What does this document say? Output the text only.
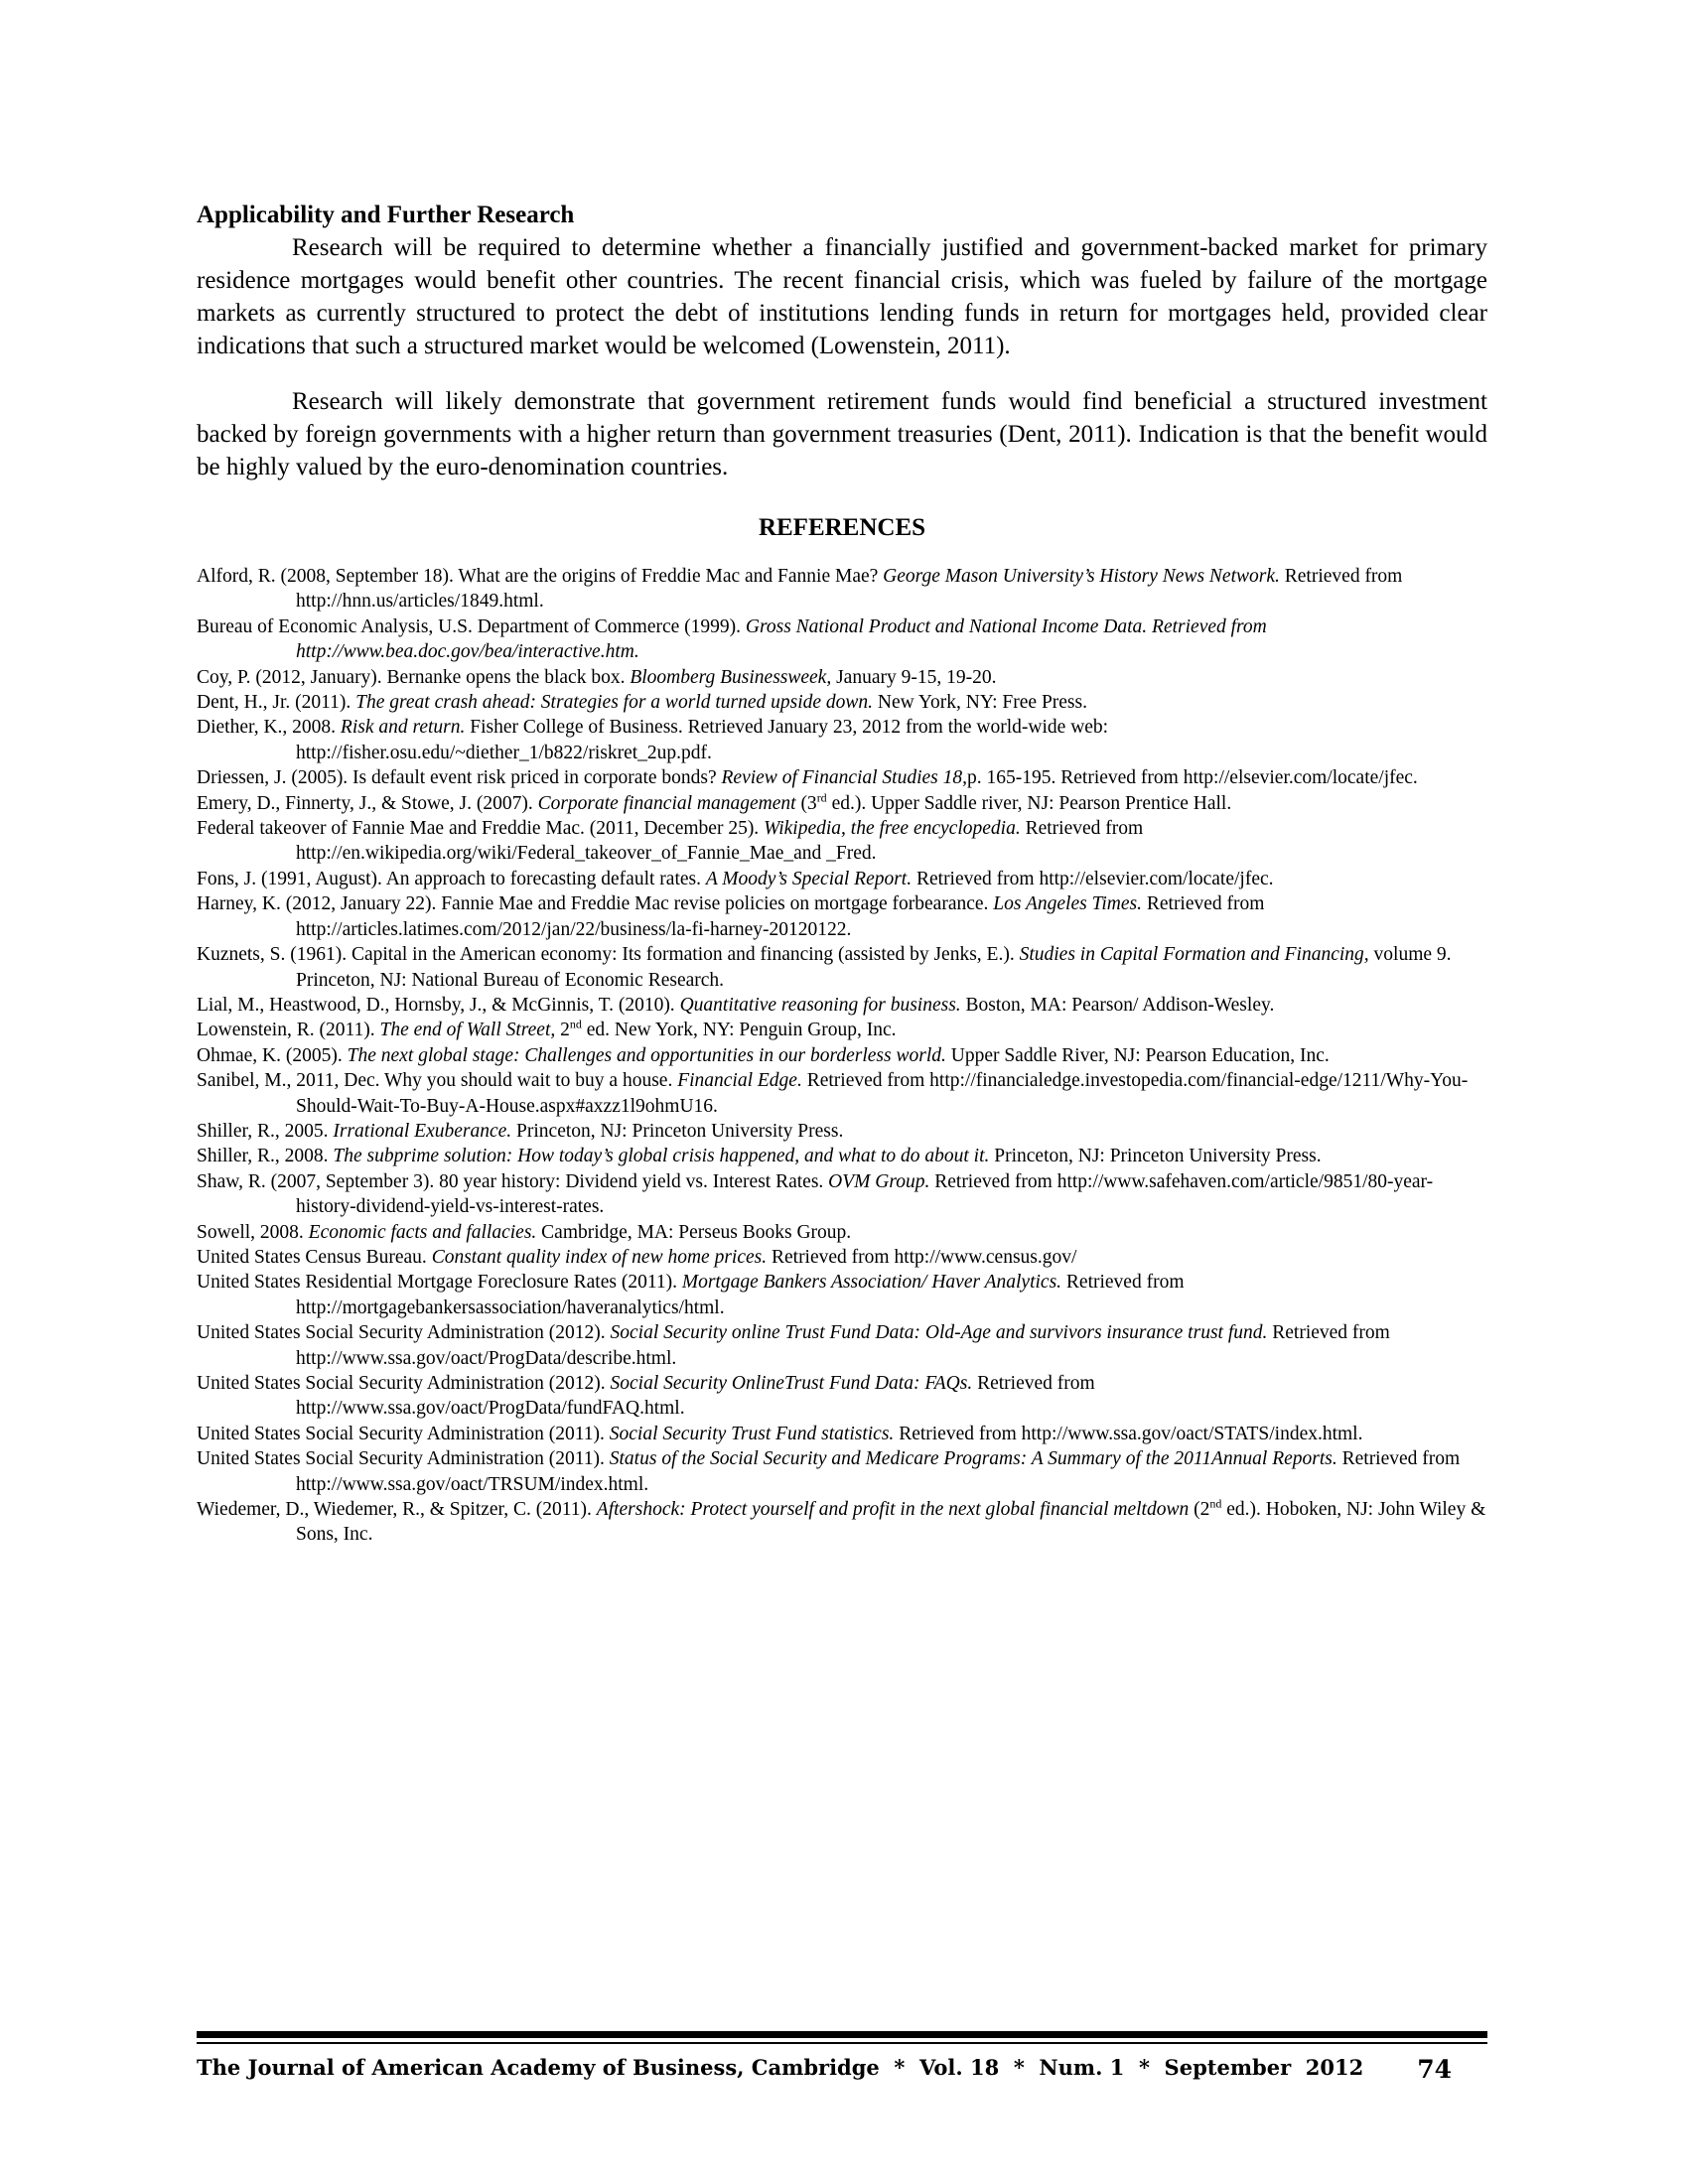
Applicability and Further Research

Research will be required to determine whether a financially justified and government-backed market for primary residence mortgages would benefit other countries. The recent financial crisis, which was fueled by failure of the mortgage markets as currently structured to protect the debt of institutions lending funds in return for mortgages held, provided clear indications that such a structured market would be welcomed (Lowenstein, 2011).

Research will likely demonstrate that government retirement funds would find beneficial a structured investment backed by foreign governments with a higher return than government treasuries (Dent, 2011). Indication is that the benefit would be highly valued by the euro-denomination countries.

REFERENCES

Alford, R. (2008, September 18). What are the origins of Freddie Mac and Fannie Mae? George Mason University’s History News Network. Retrieved from http://hnn.us/articles/1849.html.

Bureau of Economic Analysis, U.S. Department of Commerce (1999). Gross National Product and National Income Data. Retrieved from http://www.bea.doc.gov/bea/interactive.htm.

Coy, P. (2012, January). Bernanke opens the black box. Bloomberg Businessweek, January 9-15, 19-20.

Dent, H., Jr. (2011). The great crash ahead: Strategies for a world turned upside down. New York, NY: Free Press.

Diether, K., 2008. Risk and return. Fisher College of Business. Retrieved January 23, 2012 from the world-wide web: http://fisher.osu.edu/~diether_1/b822/riskret_2up.pdf.

Driessen, J. (2005). Is default event risk priced in corporate bonds? Review of Financial Studies 18,p. 165-195. Retrieved from http://elsevier.com/locate/jfec.

Emery, D., Finnerty, J., & Stowe, J. (2007). Corporate financial management (3rd ed.). Upper Saddle river, NJ: Pearson Prentice Hall.

Federal takeover of Fannie Mae and Freddie Mac. (2011, December 25). Wikipedia, the free encyclopedia. Retrieved from http://en.wikipedia.org/wiki/Federal_takeover_of_Fannie_Mae_and _Fred.

Fons, J. (1991, August). An approach to forecasting default rates. A Moody’s Special Report. Retrieved from http://elsevier.com/locate/jfec.

Harney, K. (2012, January 22). Fannie Mae and Freddie Mac revise policies on mortgage forbearance. Los Angeles Times. Retrieved from http://articles.latimes.com/2012/jan/22/business/la-fi-harney-20120122.

Kuznets, S. (1961). Capital in the American economy: Its formation and financing (assisted by Jenks, E.). Studies in Capital Formation and Financing, volume 9. Princeton, NJ: National Bureau of Economic Research.

Lial, M., Heastwood, D., Hornsby, J., & McGinnis, T. (2010). Quantitative reasoning for business. Boston, MA: Pearson/ Addison-Wesley.

Lowenstein, R. (2011). The end of Wall Street, 2nd ed. New York, NY: Penguin Group, Inc.

Ohmae, K. (2005). The next global stage: Challenges and opportunities in our borderless world. Upper Saddle River, NJ: Pearson Education, Inc.

Sanibel, M., 2011, Dec. Why you should wait to buy a house. Financial Edge. Retrieved from http://financialedge.investopedia.com/financial-edge/1211/Why-You-Should-Wait-To-Buy-A-House.aspx#axzz1l9ohmU16.

Shiller, R., 2005. Irrational Exuberance. Princeton, NJ: Princeton University Press.

Shiller, R., 2008. The subprime solution: How today’s global crisis happened, and what to do about it. Princeton, NJ: Princeton University Press.

Shaw, R. (2007, September 3). 80 year history: Dividend yield vs. Interest Rates. OVM Group. Retrieved from http://www.safehaven.com/article/9851/80-year-history-dividend-yield-vs-interest-rates.

Sowell, 2008. Economic facts and fallacies. Cambridge, MA: Perseus Books Group.

United States Census Bureau. Constant quality index of new home prices. Retrieved from http://www.census.gov/

United States Residential Mortgage Foreclosure Rates (2011). Mortgage Bankers Association/ Haver Analytics. Retrieved from http://mortgagebankersassociation/haveranalytics/html.

United States Social Security Administration (2012). Social Security online Trust Fund Data: Old-Age and survivors insurance trust fund. Retrieved from http://www.ssa.gov/oact/ProgData/describe.html.

United States Social Security Administration (2012). Social Security OnlineTrust Fund Data: FAQs. Retrieved from http://www.ssa.gov/oact/ProgData/fundFAQ.html.

United States Social Security Administration (2011). Social Security Trust Fund statistics. Retrieved from http://www.ssa.gov/oact/STATS/index.html.

United States Social Security Administration (2011). Status of the Social Security and Medicare Programs: A Summary of the 2011Annual Reports. Retrieved from http://www.ssa.gov/oact/TRSUM/index.html.

Wiedemer, D., Wiedemer, R., & Spitzer, C. (2011). Aftershock: Protect yourself and profit in the next global financial meltdown (2nd ed.). Hoboken, NJ: John Wiley & Sons, Inc.

The Journal of American Academy of Business, Cambridge  *  Vol. 18  *  Num. 1  *  September  2012 74
